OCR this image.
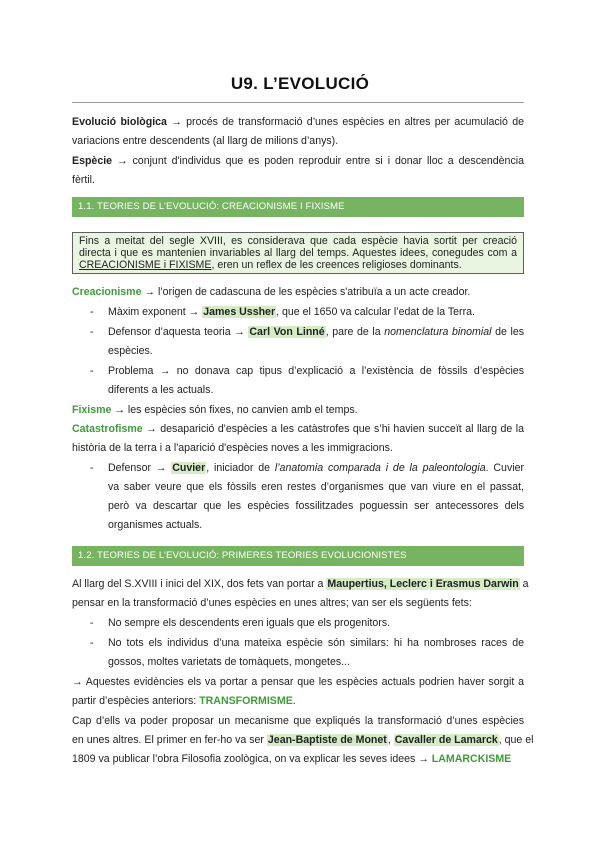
U9. L’EVOLUCIÓ
Evolució biològica → procés de transformació d’unes espècies en altres per acumulació de
variacions entre descendents (al llarg de milions d’anys).
Espècie → conjunt d'individus que es poden reproduir entre si i donar lloc a descendència
fèrtil.
1.1. TEORIES DE L’EVOLUCIÓ: CREACIONISME I FIXISME
Fins a meitat del segle XVIII, es considerava que cada espècie havia sortit per creació
directa i que es mantenien invariables al llarg del temps. Aquestes idees, conegudes com a
CREACIONISME i FIXISME, eren un reflex de les creences religioses dominants.
Creacionisme → l’origen de cadascuna de les espècies s'atribuïa a un acte creador.
- Màxim exponent → James Ussher, que el 1650 va calcular l’edat de la Terra.
- Defensor d’aquesta teoria → Carl Von Linné, pare de la nomenclatura binomial de les
espècies.
- Problema → no donava cap tipus d’explicació a l’existència de fòssils d’espècies
diferents a les actuals.
Fixisme → les espècies són fixes, no canvien amb el temps.
Catastrofisme → desaparició d'espècies a les catàstrofes que s’hi havien succeït al llarg de la
història de la terra i a l'aparició d'espècies noves a les immigracions.
- Defensor → Cuvier, iniciador de l’anatomia comparada i de la paleontologia. Cuvier
va saber veure que els fòssils eren restes d’organismes que van viure en el passat,
però va descartar que les espècies fossilitzades poguessin ser antecessores dels
organismes actuals.
1.2. TEORIES DE L’EVOLUCIÓ: PRIMERES TEORIES EVOLUCIONISTES
Al llarg del S.XVIII i inici del XIX, dos fets van portar a Maupertius, Leclerc i Erasmus Darwin a
pensar en la transformació d’unes espècies en unes altres; van ser els següents fets:
- No sempre els descendents eren iguals que els progenitors.
- No tots els individus d’una mateixa espècie són similars: hi ha nombroses races de
gossos, moltes varietats de tomàquets, mongetes...
→ Aquestes evidències els va portar a pensar que les espècies actuals podrien haver sorgit a
partir d’espècies anteriors: TRANSFORMISME.
Cap d’ells va poder proposar un mecanisme que expliqués la transformació d’unes espècies
en unes altres. El primer en fer-ho va ser Jean-Baptiste de Monet, Cavaller de Lamarck, que el
1809 va publicar l’obra Filosofia zoològica, on va explicar les seves idees → LAMARCKISME
